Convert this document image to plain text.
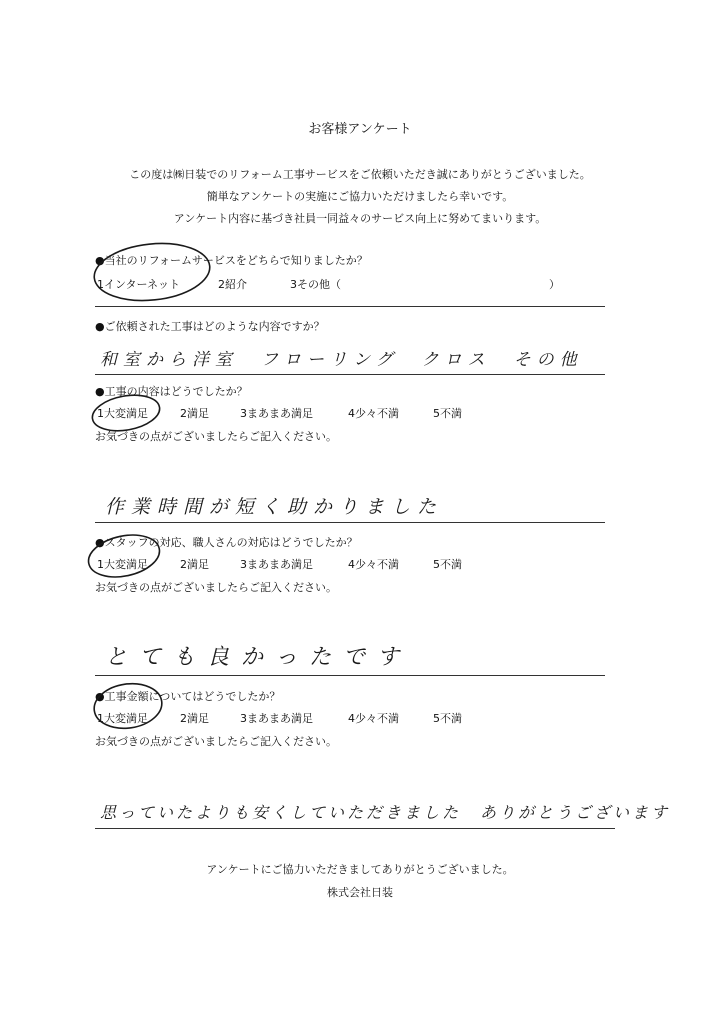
お客様アンケート
この度は㈱日装でのリフォーム工事サービスをご依頼いただき誠にありがとうございました。
簡単なアンケートの実施にご協力いただけましたら幸いです。
アンケート内容に基づき社員一同益々のサービス向上に努めてまいります。
●当社のリフォームサービスをどちらで知りましたか？
1インターネット	2紹介	3その他（	）
●ご依頼された工事はどのような内容ですか？
和室から洋室　フローリング　クロス　その他
●工事の内容はどうでしたか？
1大変満足	2満足	3まあまあ満足	4少々不満	5不満
お気づきの点がございましたらご記入ください。
作業時間が短く助かりました
●スタッフの対応、職人さんの対応はどうでしたか？
1大変満足	2満足	3まあまあ満足	4少々不満	5不満
お気づきの点がございましたらご記入ください。
とても良かったです
●工事金額についてはどうでしたか？
1大変満足	2満足	3まあまあ満足	4少々不満	5不満
お気づきの点がございましたらご記入ください。
思っていたよりも安くしていただきました　ありがとうございます
アンケートにご協力いただきましてありがとうございました。
株式会社日装
